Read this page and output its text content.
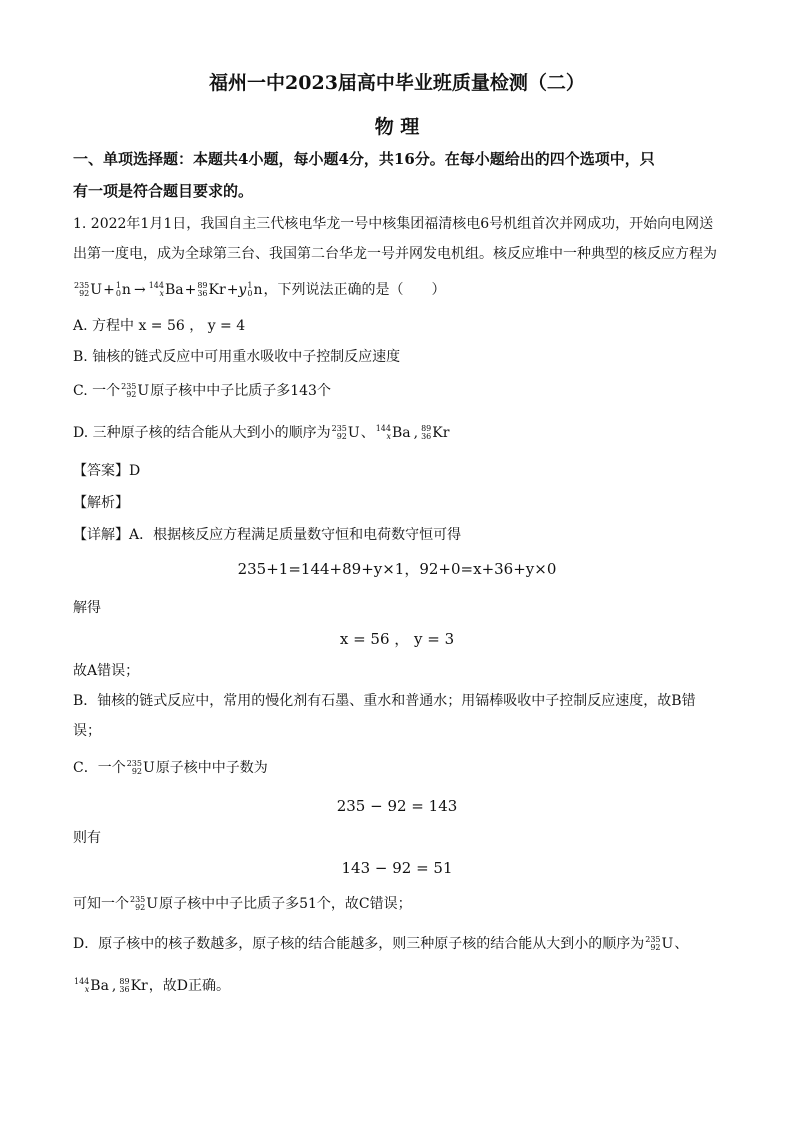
福州一中2023届高中毕业班质量检测（二）
物 理
一、单项选择题：本题共4小题，每小题4分，共16分。在每小题给出的四个选项中，只
有一项是符合题目要求的。
1. 2022年1月1日，我国自主三代核电华龙一号中核集团福清核电6号机组首次并网成功，开始向电网送
出第一度电，成为全球第三台、我国第二台华龙一号并网发电机组。核反应堆中一种典型的核反应方程为
235
92 U + 1
0 n → 144
x Ba + 89
36 Kr + y 1
0 n ，下列说法正确的是（　　）
A. 方程中 x = 56 ， y = 4
B. 铀核的链式反应中可用重水吸收中子控制反应速度
C. 一个 235
92 U 原子核中中子比质子多143个
D. 三种原子核的结合能从大到小的顺序为 235
92 U 、 144
x Ba , 89
36 Kr
【答案】D
【解析】
【详解】A．根据核反应方程满足质量数守恒和电荷数守恒可得
235+1=144+89+y×1，92+0=x+36+y×0
解得
x = 56 ， y = 3
故A错误；
B．铀核的链式反应中，常用的慢化剂有石墨、重水和普通水；用镉棒吸收中子控制反应速度，故B错
误；
C．一个 235
92 U 原子核中中子数为
235 − 92 = 143
则有
143 − 92 = 51
可知一个 235
92 U 原子核中中子比质子多51个，故C错误；
D．原子核中的核子数越多，原子核的结合能越多，则三种原子核的结合能从大到小的顺序为 235
92 U 、
144
x Ba , 89
36 Kr ，故D正确。
